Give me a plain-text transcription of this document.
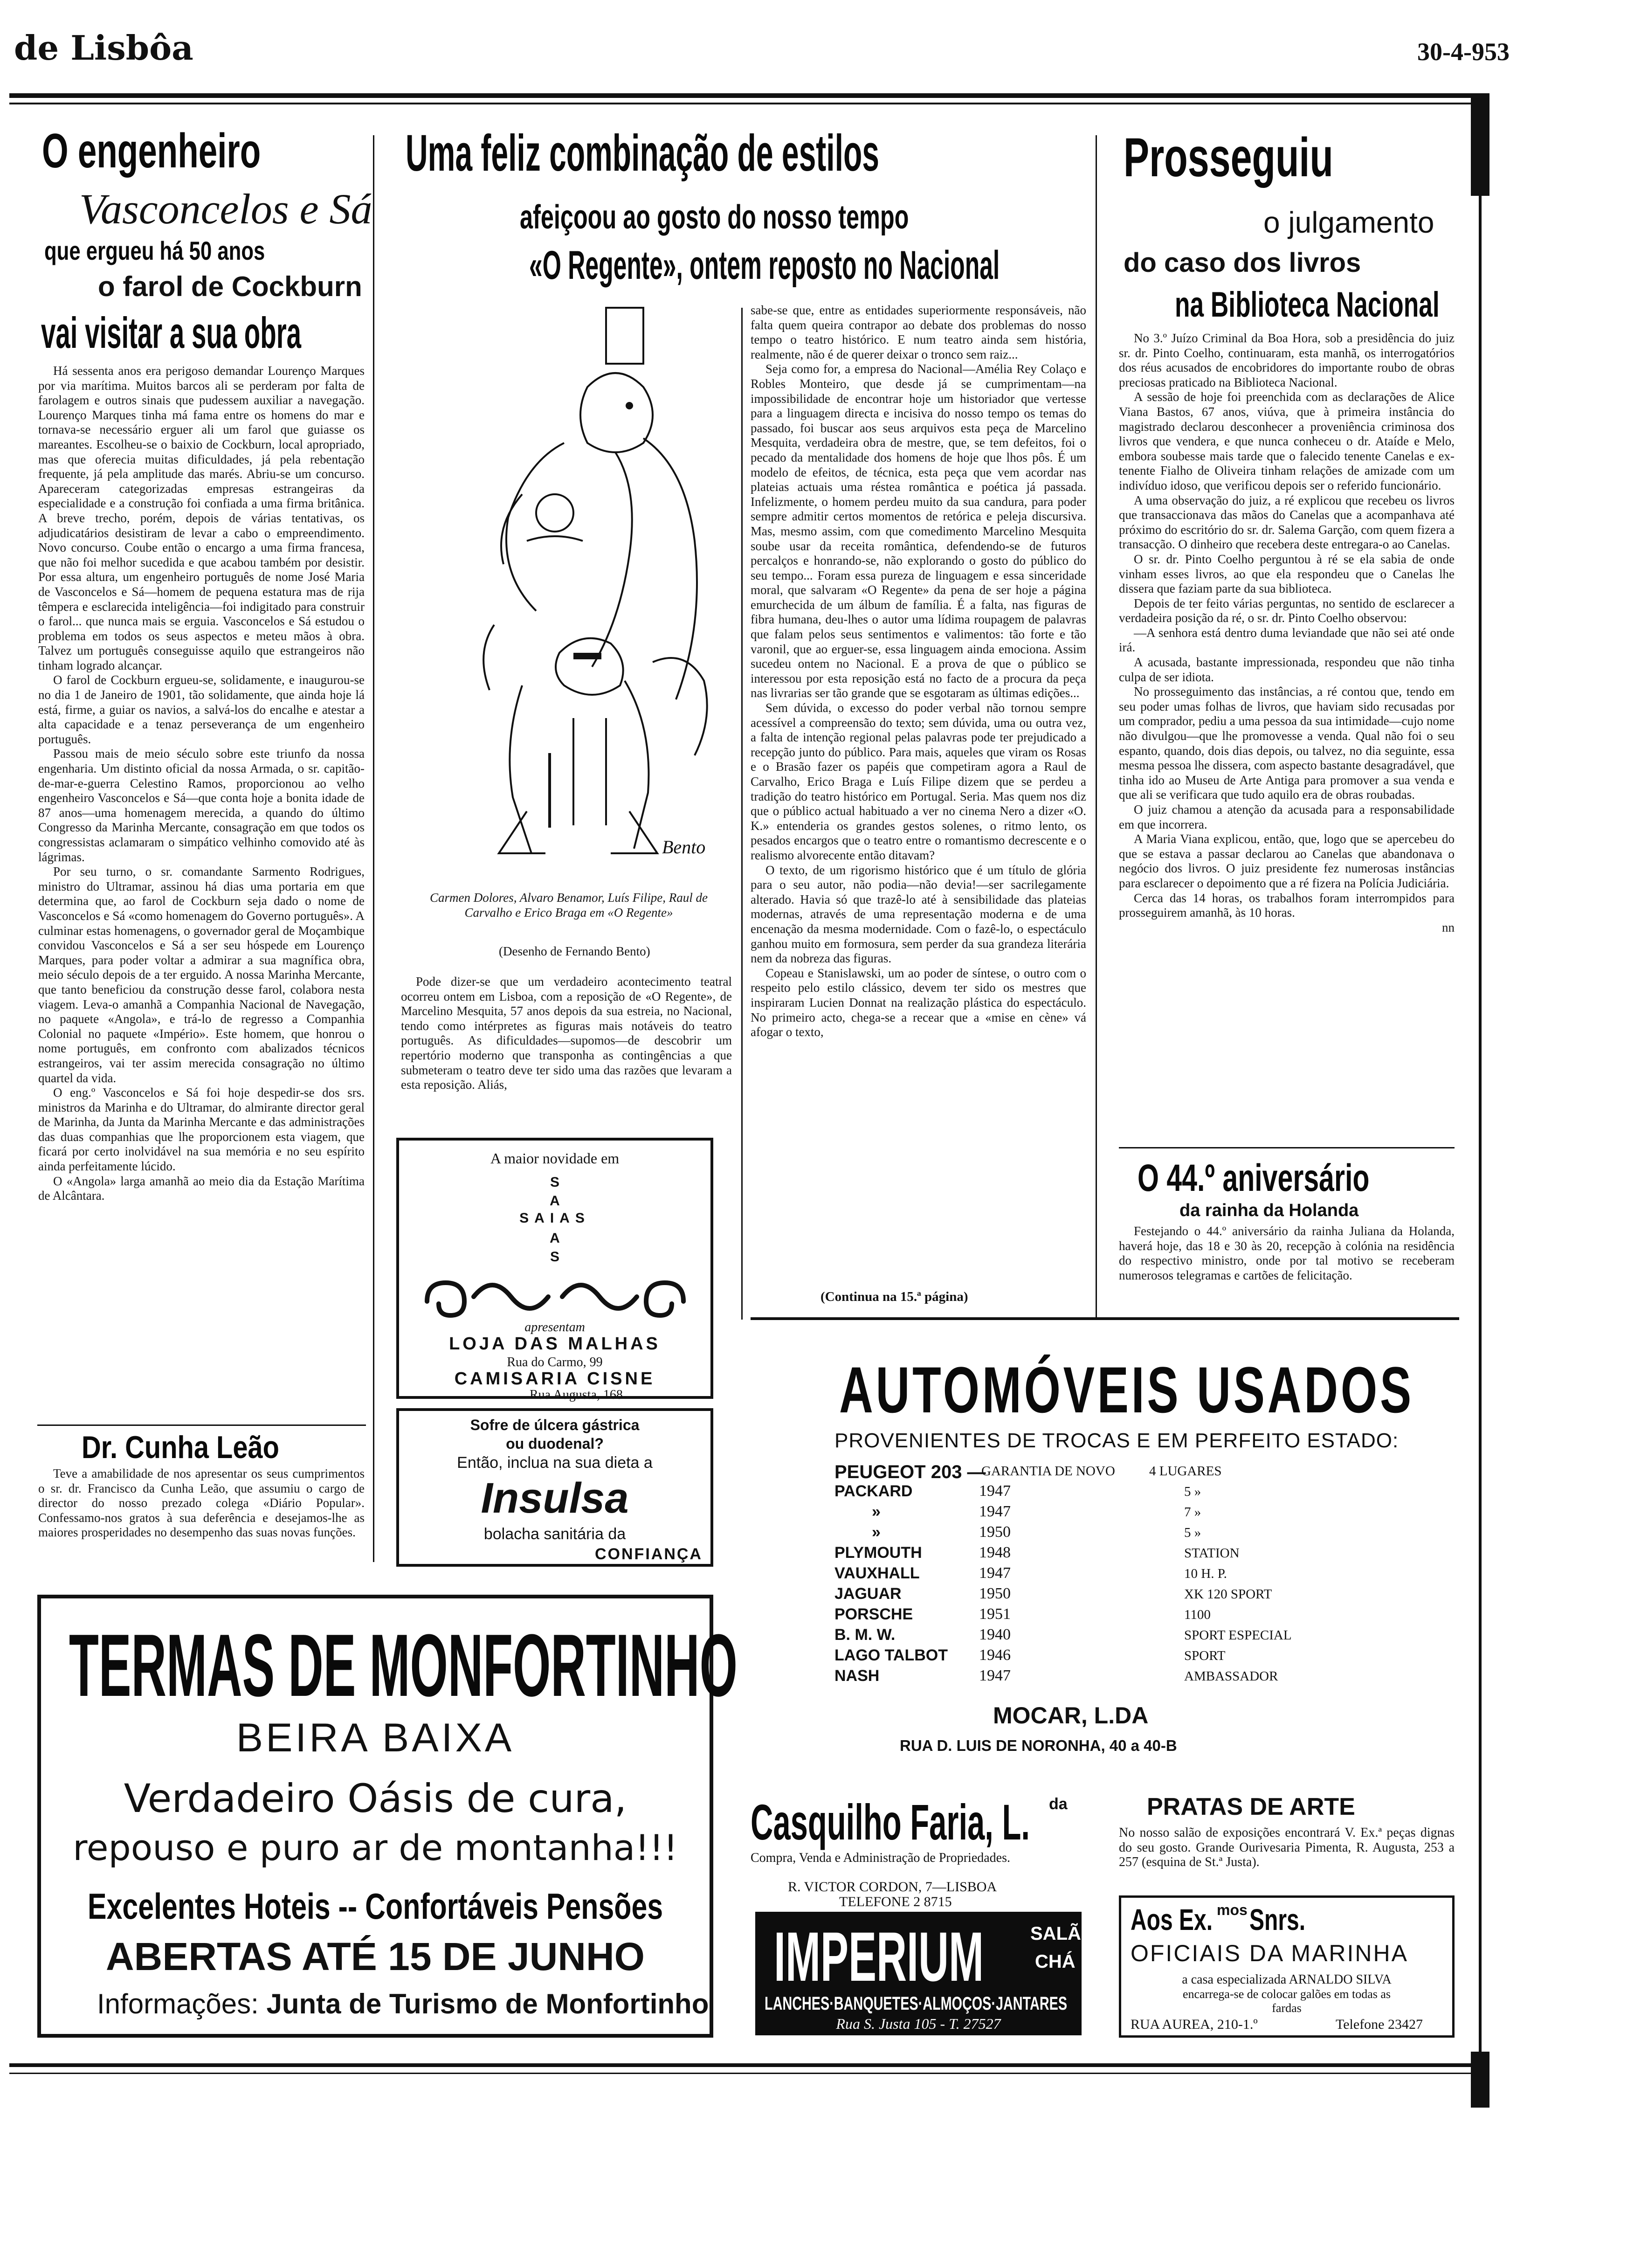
de Lisbôa	30-4-953
O engenheiro
Vasconcelos e Sá
que ergueu há 50 anos
o farol de Cockburn
vai visitar a sua obra

Há sessenta anos era perigoso demandar Lourenço Marques por via marítima. Muitos barcos ali se perderam por falta de farolagem e outros sinais que pudessem auxiliar a navegação. Lourenço Marques tinha má fama entre os homens do mar e tornava-se necessário erguer ali um farol que guiasse os mareantes. Escolheu-se o baixio de Cockburn, local apropriado, mas que oferecia muitas dificuldades, já pela rebentação frequente, já pela amplitude das marés. Abriu-se um concurso. Apareceram categorizadas empresas estrangeiras da especialidade e a construção foi confiada a uma firma britânica. A breve trecho, porém, depois de várias tentativas, os adjudicatários desistiram de levar a cabo o empreendimento. Novo concurso. Coube então o encargo a uma firma francesa, que não foi melhor sucedida e que acabou também por desistir. Por essa altura, um engenheiro português de nome José Maria de Vasconcelos e Sá—homem de pequena estatura mas de rija têmpera e esclarecida inteligência—foi indigitado para construir o farol... que nunca mais se erguia. Vasconcelos e Sá estudou o problema em todos os seus aspectos e meteu mãos à obra. Talvez um português conseguisse aquilo que estrangeiros não tinham logrado alcançar.

O farol de Cockburn ergueu-se, solidamente, e inaugurou-se no dia 1 de Janeiro de 1901, tão solidamente, que ainda hoje lá está, firme, a guiar os navios, a salvá-los do encalhe e atestar a alta capacidade e a tenaz perseverança de um engenheiro português.

Passou mais de meio século sobre este triunfo da nossa engenharia. Um distinto oficial da nossa Armada, o sr. capitão-de-mar-e-guerra Celestino Ramos, proporcionou ao velho engenheiro Vasconcelos e Sá—que conta hoje a bonita idade de 87 anos—uma homenagem merecida, a quando do último Congresso da Marinha Mercante, consagração em que todos os congressistas aclamaram o simpático velhinho comovido até às lágrimas.

Por seu turno, o sr. comandante Sarmento Rodrigues, ministro do Ultramar, assinou há dias uma portaria em que determina que, ao farol de Cockburn seja dado o nome de Vasconcelos e Sá «como homenagem do Governo português». A culminar estas homenagens, o governador geral de Moçambique convidou Vasconcelos e Sá a ser seu hóspede em Lourenço Marques, para poder voltar a admirar a sua magnífica obra, meio século depois de a ter erguido. A nossa Marinha Mercante, que tanto beneficiou da construção desse farol, colabora nesta viagem. Leva-o amanhã a Companhia Nacional de Navegação, no paquete «Angola», e trá-lo de regresso a Companhia Colonial no paquete «Império». Este homem, que honrou o nome português, em confronto com abalizados técnicos estrangeiros, vai ter assim merecida consagração no último quartel da vida.

O eng.º Vasconcelos e Sá foi hoje despedir-se dos srs. ministros da Marinha e do Ultramar, do almirante director geral de Marinha, da Junta da Marinha Mercante e das administrações das duas companhias que lhe proporcionem esta viagem, que ficará por certo inolvidável na sua memória e no seu espírito ainda perfeitamente lúcido.

O «Angola» larga amanhã ao meio dia da Estação Marítima de Alcântara.

Dr. Cunha Leão

Teve a amabilidade de nos apresentar os seus cumprimentos o sr. dr. Francisco da Cunha Leão, que assumiu o cargo de director do nosso prezado colega «Diário Popular». Confessamo-nos gratos à sua deferência e desejamos-lhe as maiores prosperidades no desempenho das suas novas funções.

Uma feliz combinação de estilos
afeiçoou ao gosto do nosso tempo
«O Regente», ontem reposto no Nacional
Bento
Carmen Dolores, Alvaro Benamor, Luís Filipe, Raul de Carvalho e Erico Braga em «O Regente»
(Desenho de Fernando Bento)

Pode dizer-se que um verdadeiro acontecimento teatral ocorreu ontem em Lisboa, com a reposição de «O Regente», de Marcelino Mesquita, 57 anos depois da sua estreia, no Nacional, tendo como intérpretes as figuras mais notáveis do teatro português. As dificuldades—supomos—de descobrir um repertório moderno que transponha as contingências a que submeteram o teatro deve ter sido uma das razões que levaram a esta reposição. Aliás,

sabe-se que, entre as entidades superiormente responsáveis, não falta quem queira contrapor ao debate dos problemas do nosso tempo o teatro histórico. E num teatro ainda sem história, realmente, não é de querer deixar o tronco sem raiz...

Seja como for, a empresa do Nacional—Amélia Rey Colaço e Robles Monteiro, que desde já se cumprimentam—na impossibilidade de encontrar hoje um historiador que vertesse para a linguagem directa e incisiva do nosso tempo os temas do passado, foi buscar aos seus arquivos esta peça de Marcelino Mesquita, verdadeira obra de mestre, que, se tem defeitos, foi o pecado da mentalidade dos homens de hoje que lhos pôs. É um modelo de efeitos, de técnica, esta peça que vem acordar nas plateias actuais uma réstea romântica e poética já passada. Infelizmente, o homem perdeu muito da sua candura, para poder sempre admitir certos momentos de retórica e peleja discursiva. Mas, mesmo assim, com que comedimento Marcelino Mesquita soube usar da receita romântica, defendendo-se de futuros percalços e honrando-se, não explorando o gosto do público do seu tempo... Foram essa pureza de linguagem e essa sinceridade moral, que salvaram «O Regente» da pena de ser hoje a página emurchecida de um álbum de família. É a falta, nas figuras de fibra humana, deu-lhes o autor uma lídima roupagem de palavras que falam pelos seus sentimentos e valimentos: tão forte e tão varonil, que ao erguer-se, essa linguagem ainda emociona. Assim sucedeu ontem no Nacional. E a prova de que o público se interessou por esta reposição está no facto de a procura da peça nas livrarias ser tão grande que se esgotaram as últimas edições...

Sem dúvida, o excesso do poder verbal não tornou sempre acessível a compreensão do texto; sem dúvida, uma ou outra vez, a falta de intenção regional pelas palavras pode ter prejudicado a recepção junto do público. Para mais, aqueles que viram os Rosas e o Brasão fazer os papéis que competiram agora a Raul de Carvalho, Erico Braga e Luís Filipe dizem que se perdeu a tradição do teatro histórico em Portugal. Seria. Mas quem nos diz que o público actual habituado a ver no cinema Nero a dizer «O. K.» entenderia os grandes gestos solenes, o ritmo lento, os pesados encargos que o teatro entre o romantismo decrescente e o realismo alvorecente então ditavam?

O texto, de um rigorismo histórico que é um título de glória para o seu autor, não podia—não devia!—ser sacrilegamente alterado. Havia só que trazê-lo até à sensibilidade das plateias modernas, através de uma representação moderna e de uma encenação da mesma modernidade. Com o fazê-lo, o espectáculo ganhou muito em formosura, sem perder da sua grandeza literária nem da nobreza das figuras.

Copeau e Stanislawski, um ao poder de síntese, o outro com o respeito pelo estilo clássico, devem ter sido os mestres que inspiraram Lucien Donnat na realização plástica do espectáculo. No primeiro acto, chega-se a recear que a «mise en cène» vá afogar o texto,

(Continua na 15.ª página)
A maior novidade em
S
A
SAIAS
A
S
apresentam
LOJA DAS MALHAS
Rua do Carmo, 99
CAMISARIA CISNE
Rua Augusta, 168
Sofre de úlcera gástrica
ou duodenal?
Então, inclua na sua dieta a
Insulsa
bolacha sanitária da
CONFIANÇA
Prosseguiu
o julgamento
do caso dos livros
na Biblioteca Nacional

No 3.º Juízo Criminal da Boa Hora, sob a presidência do juiz sr. dr. Pinto Coelho, continuaram, esta manhã, os interrogatórios dos réus acusados de encobridores do importante roubo de obras preciosas praticado na Biblioteca Nacional.

A sessão de hoje foi preenchida com as declarações de Alice Viana Bastos, 67 anos, viúva, que à primeira instância do magistrado declarou desconhecer a proveniência criminosa dos livros que vendera, e que nunca conheceu o dr. Ataíde e Melo, embora soubesse mais tarde que o falecido tenente Canelas e ex-tenente Fialho de Oliveira tinham relações de amizade com um indivíduo idoso, que verificou depois ser o referido funcionário.

A uma observação do juiz, a ré explicou que recebeu os livros que transaccionava das mãos do Canelas que a acompanhava até próximo do escritório do sr. dr. Salema Garção, com quem fizera a transacção. O dinheiro que recebera deste entregara-o ao Canelas.

O sr. dr. Pinto Coelho perguntou à ré se ela sabia de onde vinham esses livros, ao que ela respondeu que o Canelas lhe dissera que faziam parte da sua biblioteca.

Depois de ter feito várias perguntas, no sentido de esclarecer a verdadeira posição da ré, o sr. dr. Pinto Coelho observou:

—A senhora está dentro duma leviandade que não sei até onde irá.

A acusada, bastante impressionada, respondeu que não tinha culpa de ser idiota.

No prosseguimento das instâncias, a ré contou que, tendo em seu poder umas folhas de livros, que haviam sido recusadas por um comprador, pediu a uma pessoa da sua intimidade—cujo nome não divulgou—que lhe promovesse a venda. Qual não foi o seu espanto, quando, dois dias depois, ou talvez, no dia seguinte, essa mesma pessoa lhe dissera, com aspecto bastante desagradável, que tinha ido ao Museu de Arte Antiga para promover a sua venda e que ali se verificara que tudo aquilo era de obras roubadas.

O juiz chamou a atenção da acusada para a responsabilidade em que incorrera.

A Maria Viana explicou, então, que, logo que se apercebeu do que se estava a passar declarou ao Canelas que abandonava o negócio dos livros. O juiz presidente fez numerosas instâncias para esclarecer o depoimento que a ré fizera na Polícia Judiciária.

Cerca das 14 horas, os trabalhos foram interrompidos para prosseguirem amanhã, às 10 horas.

nn
O 44.º aniversário
da rainha da Holanda

Festejando o 44.º aniversário da rainha Juliana da Holanda, haverá hoje, das 18 e 30 às 20, recepção à colónia na residência do respectivo ministro, onde por tal motivo se receberam numerosos telegramas e cartões de felicitação.

AUTOMÓVEIS USADOS
PROVENIENTES DE TROCAS E EM PERFEITO ESTADO:
PEUGEOT 203 —
GARANTIA DE NOVO	4 LUGARES
PACKARD	1947	5 »
»	1947	7 »
»	1950	5 »
PLYMOUTH	1948	STATION
VAUXHALL	1947	10 H. P.
JAGUAR	1950	XK 120 SPORT
PORSCHE	1951	1100
B. M. W.	1940	SPORT ESPECIAL
LAGO TALBOT 1946	SPORT
NASH	1947	AMBASSADOR
MOCAR, L.DA
RUA D. LUIS DE NORONHA, 40 a 40-B
TERMAS DE MONFORTINHO
BEIRA BAIXA
Verdadeiro Oásis de cura,
repouso e puro ar de montanha!!!
Excelentes Hoteis -- Confortáveis Pensões
ABERTAS ATÉ 15 DE JUNHO
Informações: Junta de Turismo de Monfortinho
Casquilho Faria, L.	da
Compra, Venda e Administração de Propriedades.
R. VICTOR CORDON, 7—LISBOA
TELEFONE 2 8715
PRATAS DE ARTE
No nosso salão de exposições encontrará V. Ex.ª peças dignas do seu gosto. Grande Ourivesaria Pimenta, R. Augusta, 253 a 257 (esquina de St.ª Justa).
IMPERIUM	SALÃO
CHÁ
LANCHES·BANQUETES·ALMOÇOS·JANTARES
Rua S. Justa 105 - T. 27527
Aos Ex. mos Snrs.
OFICIAIS DA MARINHA
a casa especializada ARNALDO SILVA
encarrega-se de colocar galões em todas as fardas
RUA AUREA, 210-1.º	Telefone 23427
